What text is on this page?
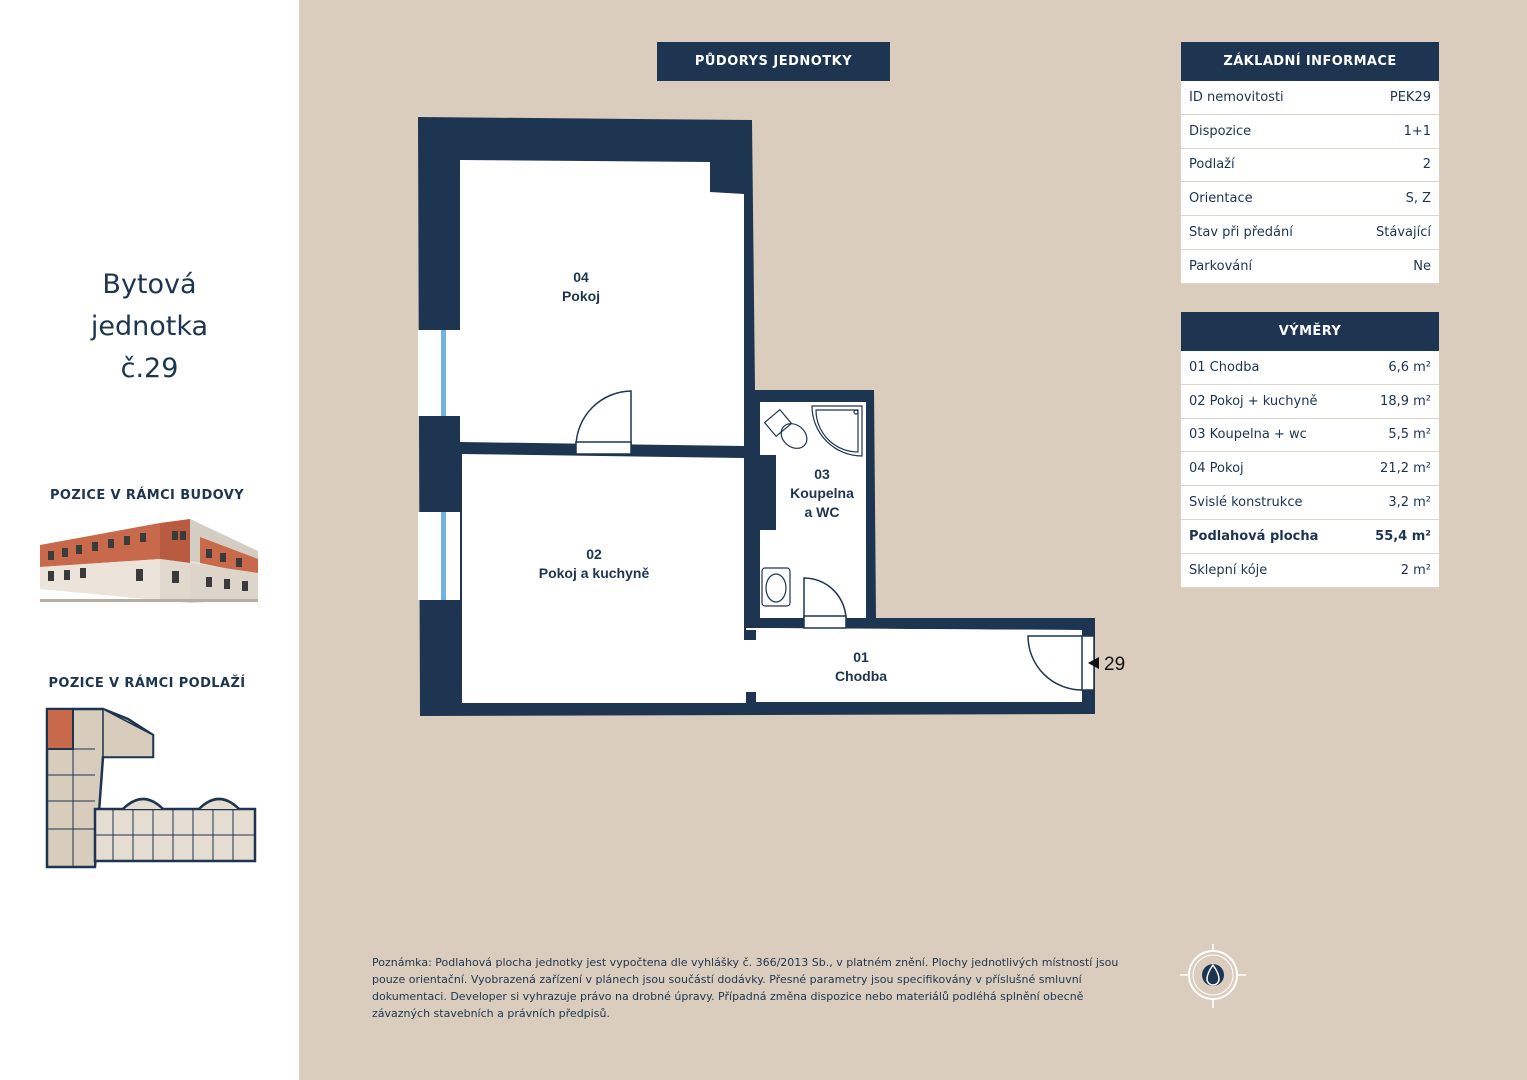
Bytová
jednotka
č.29
POZICE V RÁMCI BUDOVY
POZICE V RÁMCI PODLAŽÍ
PŮDORYS JEDNOTKY
04
Pokoj
02
Pokoj a kuchyně
03
Koupelna
a WC
01
Chodba
29
ZÁKLADNÍ INFORMACE
ID nemovitosti	PEK29
Dispozice	1+1
Podlaží	2
Orientace	S, Z
Stav při předání	Stávající
Parkování	Ne
VÝMĚRY
01 Chodba	6,6 m²
02 Pokoj + kuchyně	18,9 m²
03 Koupelna + wc	5,5 m²
04 Pokoj	21,2 m²
Svislé konstrukce	3,2 m²
Podlahová plocha	55,4 m²
Sklepní kóje	2 m²
Poznámka: Podlahová plocha jednotky jest vypočtena dle vyhlášky č. 366/2013 Sb., v platném znění. Plochy jednotlivých místností jsou pouze orientační. Vyobrazená zařízení v plánech jsou součástí dodávky. Přesné parametry jsou specifikovány v příslušné smluvní dokumentaci. Developer si vyhrazuje právo na drobné úpravy. Případná změna dispozice nebo materiálů podléhá splnění obecně závazných stavebních a právních předpisů.
